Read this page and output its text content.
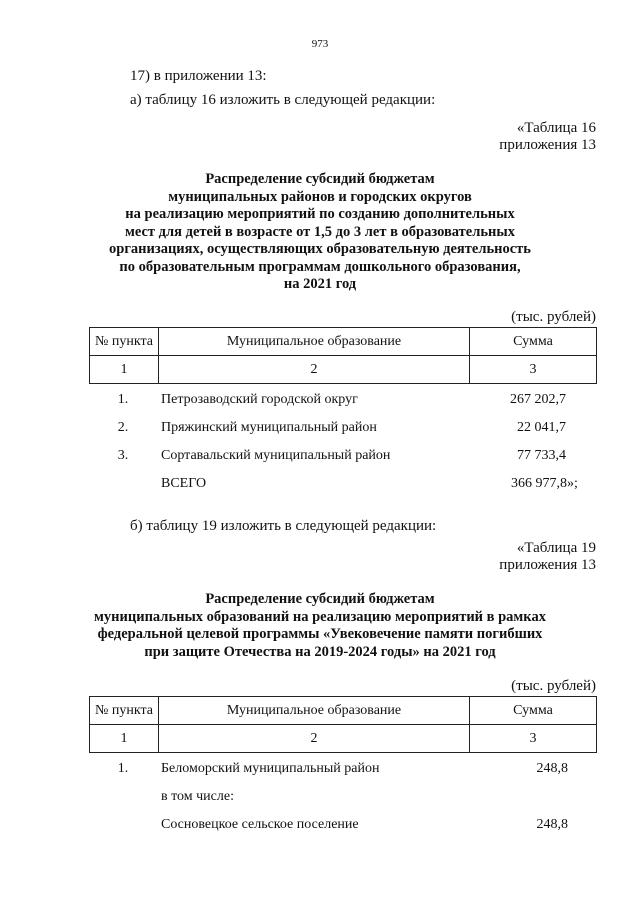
973
17) в приложении 13:
а) таблицу 16 изложить в следующей редакции:
«Таблица 16
приложения 13
Распределение субсидий бюджетам
муниципальных районов и городских округов
на реализацию мероприятий по созданию дополнительных
мест для детей в возрасте от 1,5 до 3 лет в образовательных
организациях, осуществляющих образовательную деятельность
по образовательным программам дошкольного образования,
на 2021 год
(тыс. рублей)
№ пункта	Муниципальное образование	Сумма
1	2	3
1.	Петрозаводский городской округ	267 202,7
2.	Пряжинский муниципальный район	22 041,7
3.	Сортавальский муниципальный район	77 733,4
ВСЕГО	366 977,8»;
б) таблицу 19 изложить в следующей редакции:
«Таблица 19
приложения 13
Распределение субсидий бюджетам
муниципальных образований на реализацию мероприятий в рамках
федеральной целевой программы «Увековечение памяти погибших
при защите Отечества на 2019-2024 годы» на 2021 год
(тыс. рублей)
№ пункта	Муниципальное образование	Сумма
1	2	3
1.	Беломорский муниципальный район	248,8
в том числе:
Сосновецкое сельское поселение	248,8
